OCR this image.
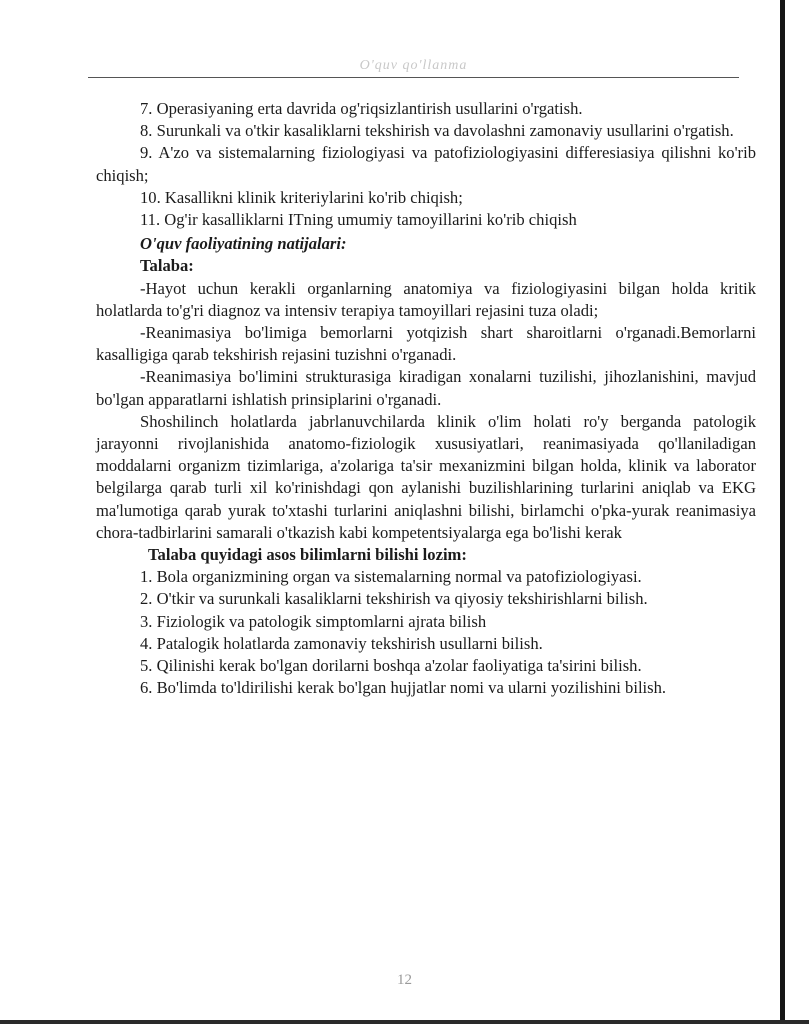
O'quv qo'llanma

7. Operasiyaning erta davrida og'riqsizlantirish usullarini o'rgatish.

8. Surunkali va o'tkir kasaliklarni tekshirish va davolashni zamonaviy usullarini o'rgatish.

9. A'zo va sistemalarning fiziologiyasi va patofiziologiyasini differesiasiya qilishni ko'rib chiqish;

10. Kasallikni klinik kriteriylarini ko'rib chiqish;

11. Og'ir kasalliklarni ITning umumiy tamoyillarini ko'rib chiqish

O'quv faoliyatining natijalari:

Talaba:

-Hayot uchun kerakli organlarning anatomiya va fiziologiyasini bilgan holda kritik holatlarda to'g'ri diagnoz va intensiv terapiya tamoyillari rejasini tuza oladi;

-Reanimasiya bo'limiga bemorlarni yotqizish shart sharoitlarni o'rganadi.Bemorlarni kasalligiga qarab tekshirish rejasini tuzishni o'rganadi.

-Reanimasiya bo'limini strukturasiga kiradigan xonalarni tuzilishi, jihozlanishini, mavjud bo'lgan apparatlarni ishlatish prinsiplarini o'rganadi.

Shoshilinch holatlarda jabrlanuvchilarda klinik o'lim holati ro'y berganda patologik jarayonni rivojlanishida anatomo-fiziologik xususiyatlari, reanimasiyada qo'llaniladigan moddalarni organizm tizimlariga, a'zolariga ta'sir mexanizmini bilgan holda, klinik va laborator belgilarga qarab turli xil ko'rinishdagi qon aylanishi buzilishlarining turlarini aniqlab va EKG ma'lumotiga qarab yurak to'xtashi turlarini aniqlashni bilishi, birlamchi o'pka-yurak reanimasiya chora-tadbirlarini samarali o'tkazish kabi kompetentsiyalarga ega bo'lishi kerak

Talaba quyidagi asos bilimlarni bilishi lozim:

1. Bola organizmining organ va sistemalarning normal va patofiziologiyasi.

2. O'tkir va surunkali kasaliklarni tekshirish va qiyosiy tekshirishlarni bilish.

3. Fiziologik va patologik simptomlarni ajrata bilish

4. Patalogik holatlarda zamonaviy tekshirish usullarni bilish.

5. Qilinishi kerak bo'lgan dorilarni boshqa a'zolar faoliyatiga ta'sirini bilish.

6. Bo'limda to'ldirilishi kerak bo'lgan hujjatlar nomi va ularni yozilishini bilish.

12
